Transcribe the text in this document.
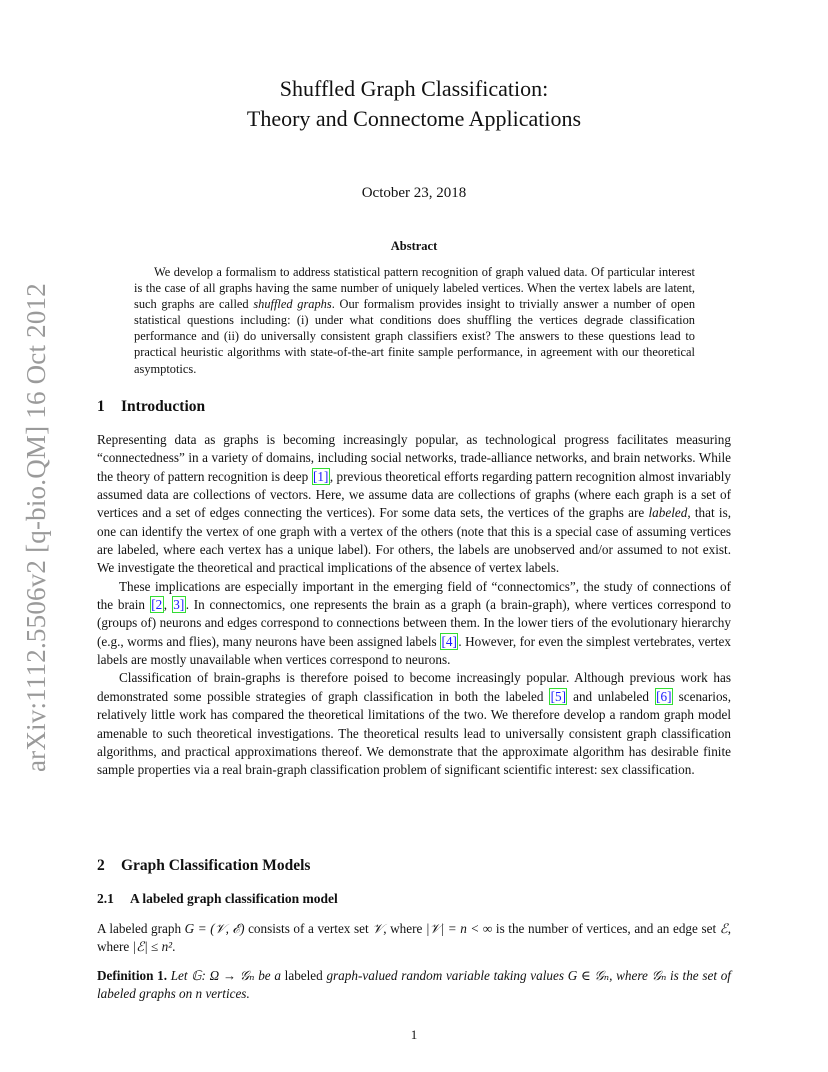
arXiv:1112.5506v2 [q-bio.QM] 16 Oct 2012
Shuffled Graph Classification:
Theory and Connectome Applications
October 23, 2018
Abstract
We develop a formalism to address statistical pattern recognition of graph valued data. Of particular interest is the case of all graphs having the same number of uniquely labeled vertices. When the vertex labels are latent, such graphs are called shuffled graphs. Our formalism provides insight to trivially answer a number of open statistical questions including: (i) under what conditions does shuffling the vertices degrade classification performance and (ii) do universally consistent graph classifiers exist? The answers to these questions lead to practical heuristic algorithms with state-of-the-art finite sample performance, in agreement with our theoretical asymptotics.
1 Introduction

Representing data as graphs is becoming increasingly popular, as technological progress facilitates measuring “connectedness” in a variety of domains, including social networks, trade-alliance networks, and brain networks. While the theory of pattern recognition is deep [1] , previous theoretical efforts regarding pattern recognition almost invariably assumed data are collections of vectors. Here, we assume data are collections of graphs (where each graph is a set of vertices and a set of edges connecting the vertices). For some data sets, the vertices of the graphs are labeled, that is, one can identify the vertex of one graph with a vertex of the others (note that this is a special case of assuming vertices are labeled, where each vertex has a unique label). For others, the labels are unobserved and/or assumed to not exist. We investigate the theoretical and practical implications of the absence of vertex labels.

These implications are especially important in the emerging field of “connectomics”, the study of connections of the brain [2 , 3] . In connectomics, one represents the brain as a graph (a brain-graph), where vertices correspond to (groups of) neurons and edges correspond to connections between them. In the lower tiers of the evolutionary hierarchy (e.g., worms and flies), many neurons have been assigned labels [4] . However, for even the simplest vertebrates, vertex labels are mostly unavailable when vertices correspond to neurons.

Classification of brain-graphs is therefore poised to become increasingly popular. Although previous work has demonstrated some possible strategies of graph classification in both the labeled [5] and unlabeled [6] scenarios, relatively little work has compared the theoretical limitations of the two. We therefore develop a random graph model amenable to such theoretical investigations. The theoretical results lead to universally consistent graph classification algorithms, and practical approximations thereof. We demonstrate that the approximate algorithm has desirable finite sample properties via a real brain-graph classification problem of significant scientific interest: sex classification.

2 Graph Classification Models
2.1 A labeled graph classification model

A labeled graph G = (𝒱, ℰ) consists of a vertex set 𝒱, where |𝒱| = n < ∞ is the number of vertices, and an edge set ℰ, where |ℰ| ≤ n².

Definition 1. Let 𝔾: Ω → 𝒢ₙ be a labeled graph-valued random variable taking values G ∈ 𝒢ₙ, where 𝒢ₙ is the set of labeled graphs on n vertices.
1
